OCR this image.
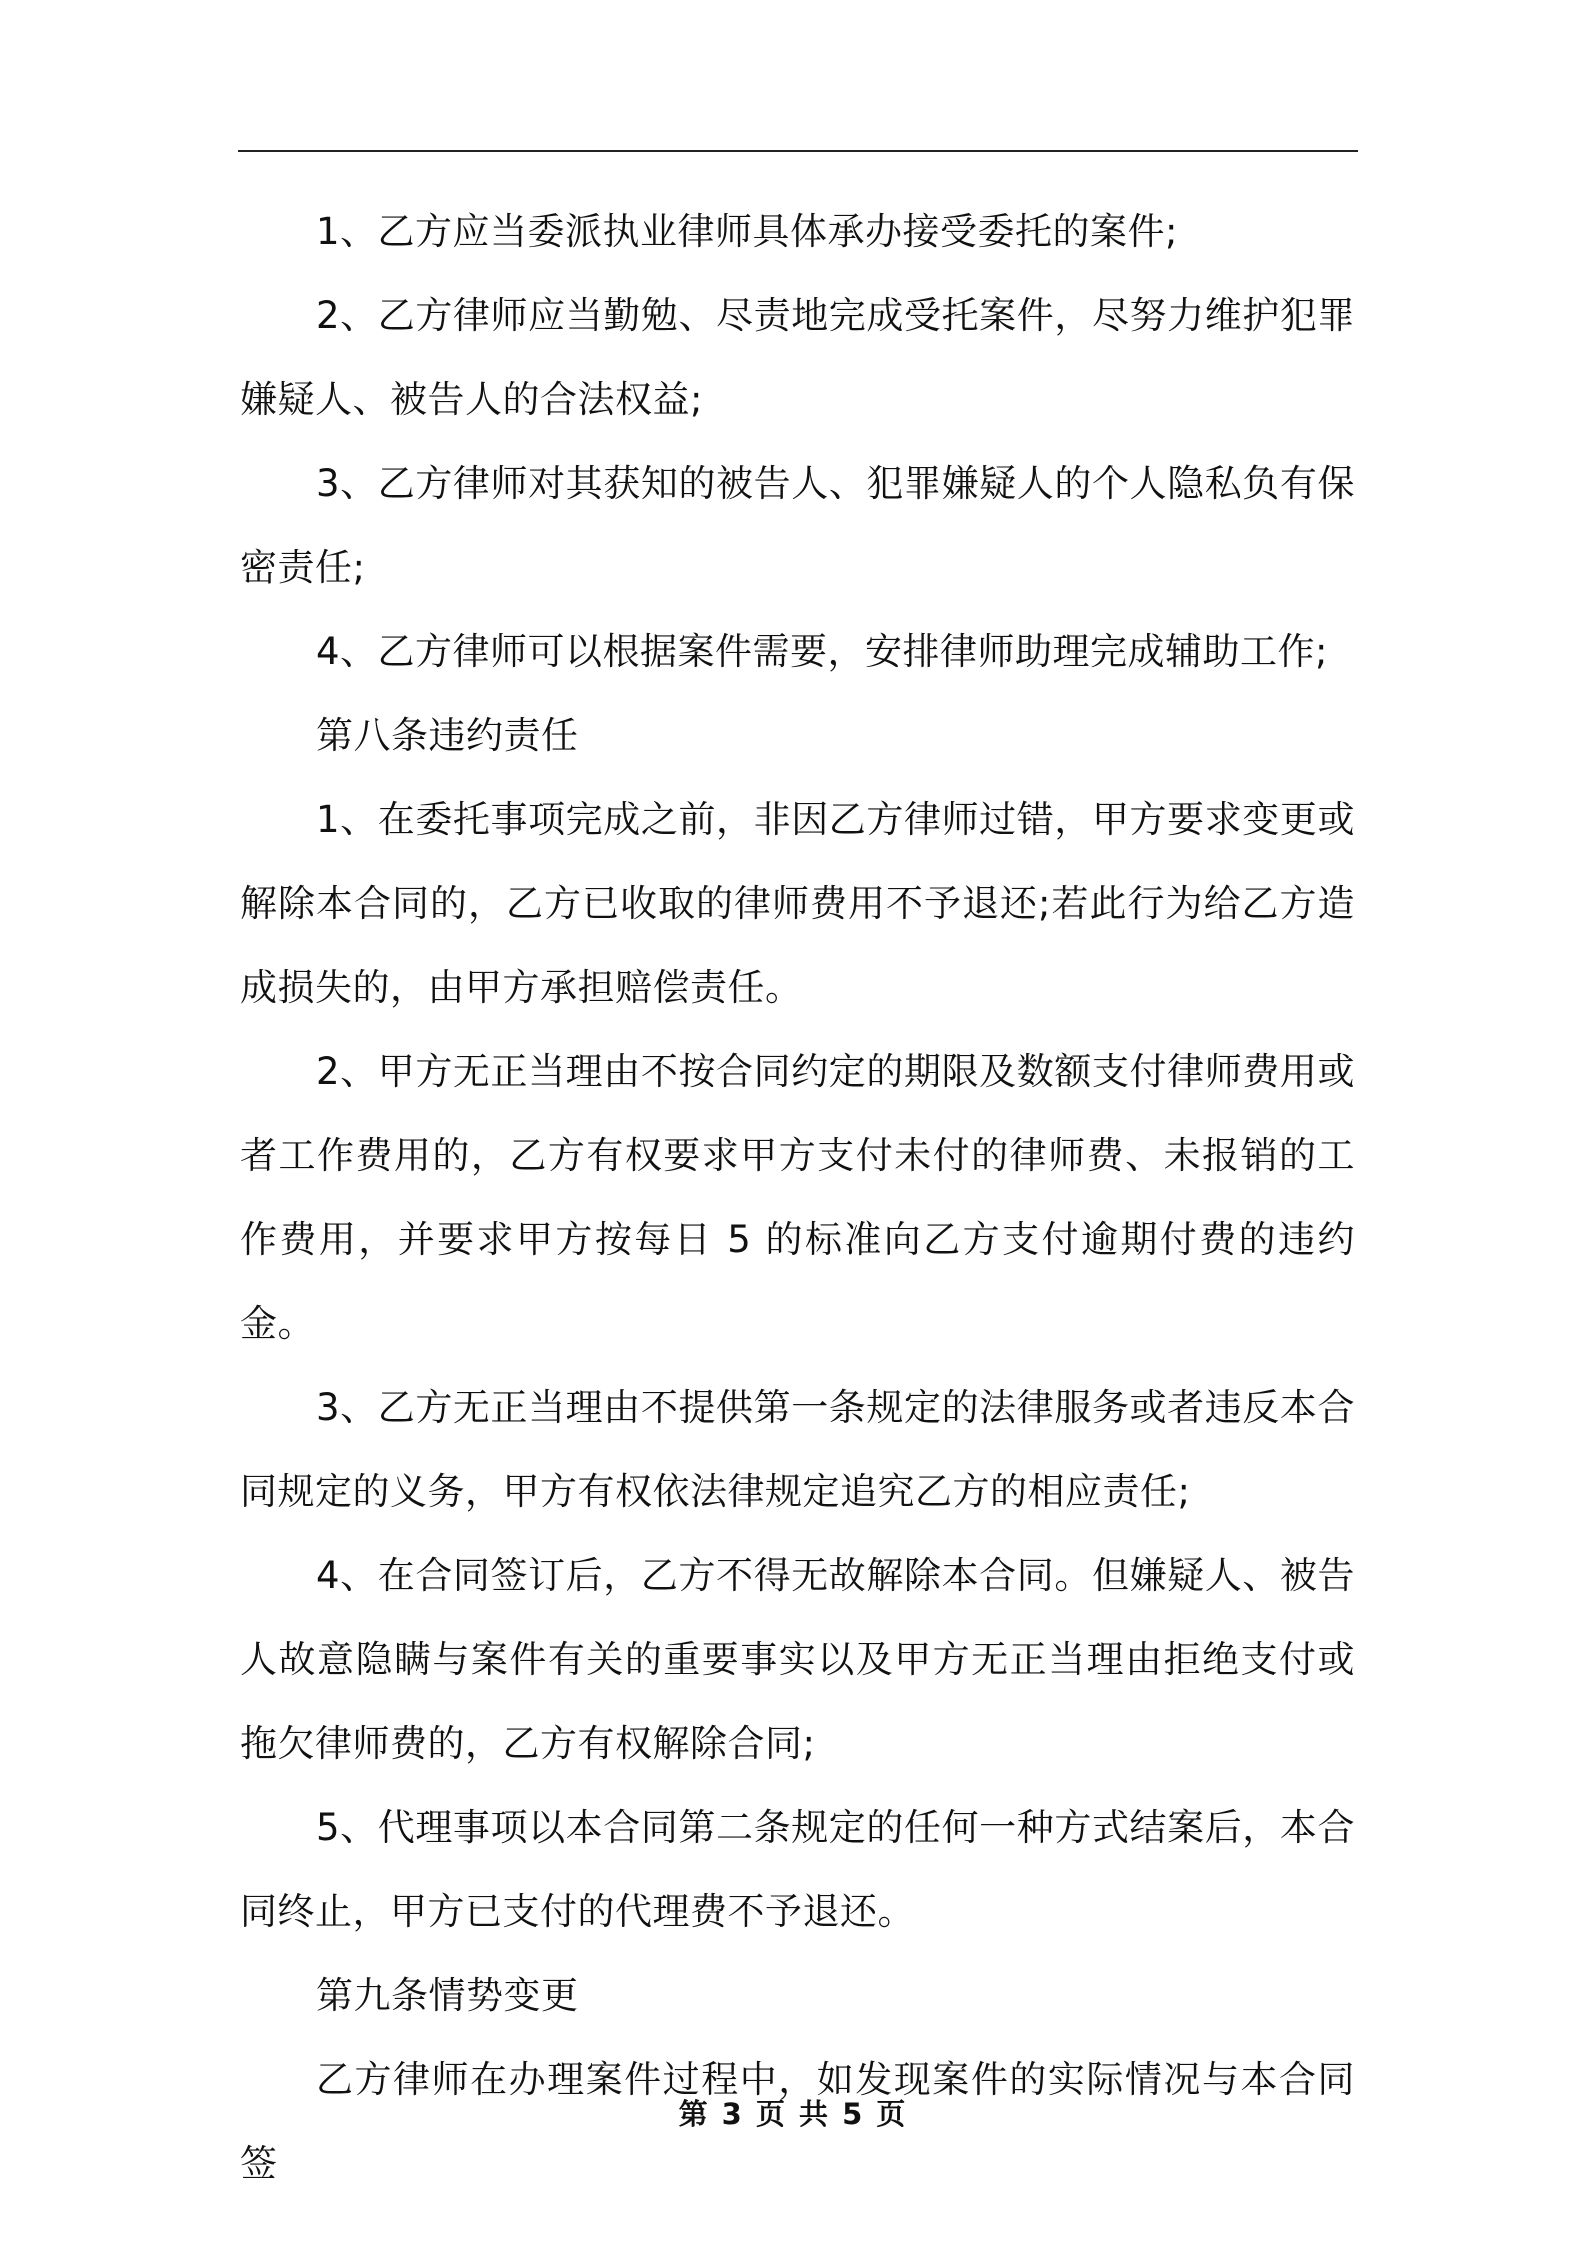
1、乙方应当委派执业律师具体承办接受委托的案件;

2、乙方律师应当勤勉、尽责地完成受托案件，尽努力维护犯罪嫌疑人、被告人的合法权益;

3、乙方律师对其获知的被告人、犯罪嫌疑人的个人隐私负有保密责任;

4、乙方律师可以根据案件需要，安排律师助理完成辅助工作;

第八条违约责任

1、在委托事项完成之前，非因乙方律师过错，甲方要求变更或解除本合同的，乙方已收取的律师费用不予退还;若此行为给乙方造成损失的，由甲方承担赔偿责任。

2、甲方无正当理由不按合同约定的期限及数额支付律师费用或者工作费用的，乙方有权要求甲方支付未付的律师费、未报销的工作费用，并要求甲方按每日 5 的标准向乙方支付逾期付费的违约金。

3、乙方无正当理由不提供第一条规定的法律服务或者违反本合同规定的义务，甲方有权依法律规定追究乙方的相应责任;

4、在合同签订后，乙方不得无故解除本合同。但嫌疑人、被告人故意隐瞒与案件有关的重要事实以及甲方无正当理由拒绝支付或拖欠律师费的，乙方有权解除合同;

5、代理事项以本合同第二条规定的任何一种方式结案后，本合同终止，甲方已支付的代理费不予退还。

第九条情势变更

乙方律师在办理案件过程中，如发现案件的实际情况与本合同签

第 3 页 共 5 页
